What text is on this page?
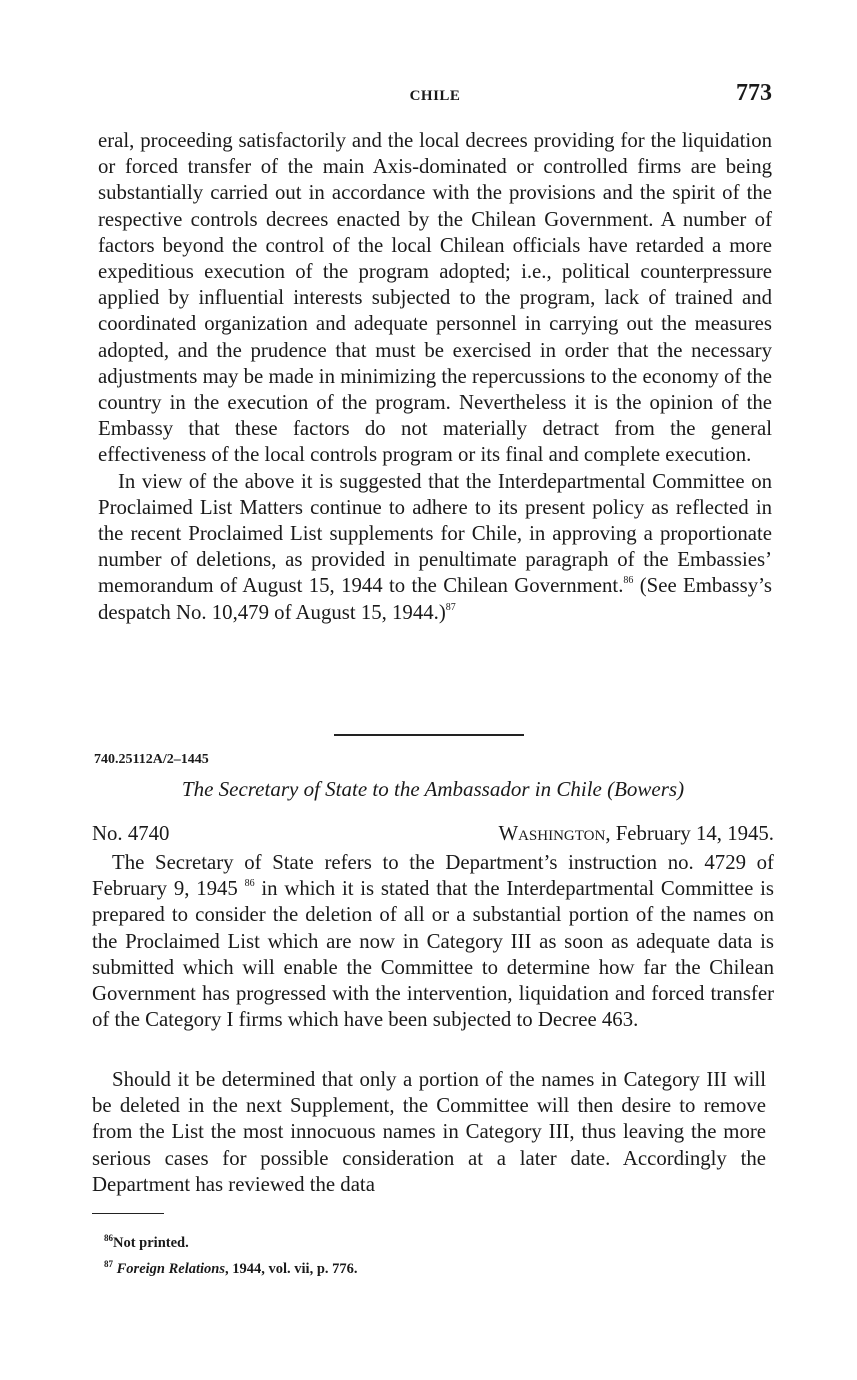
CHILE	773

eral, proceeding satisfactorily and the local decrees providing for the liquidation or forced transfer of the main Axis-dominated or controlled firms are being substantially carried out in accordance with the provisions and the spirit of the respective controls decrees enacted by the Chilean Government. A number of factors beyond the control of the local Chilean officials have retarded a more expeditious execution of the program adopted; i.e., political counterpressure applied by influential interests subjected to the program, lack of trained and coordinated organization and adequate personnel in carrying out the measures adopted, and the prudence that must be exercised in order that the necessary adjustments may be made in minimizing the repercussions to the economy of the country in the execution of the program. Nevertheless it is the opinion of the Embassy that these factors do not materially detract from the general effectiveness of the local controls program or its final and complete execution.

In view of the above it is suggested that the Interdepartmental Committee on Proclaimed List Matters continue to adhere to its present policy as reflected in the recent Proclaimed List supplements for Chile, in approving a proportionate number of deletions, as provided in penultimate paragraph of the Embassies’ memorandum of August 15, 1944 to the Chilean Government.$^{86}$ (See Embassy’s despatch No. 10,479 of August 15, 1944.)$^{87}$

740.25112A/2–1445
The Secretary of State to the Ambassador in Chile (Bowers)
No. 4740	Washington, February 14, 1945.

The Secretary of State refers to the Department’s instruction no. 4729 of February 9, 1945 $^{86}$ in which it is stated that the Interdepartmental Committee is prepared to consider the deletion of all or a substantial portion of the names on the Proclaimed List which are now in Category III as soon as adequate data is submitted which will enable the Committee to determine how far the Chilean Government has progressed with the intervention, liquidation and forced transfer of the Category I firms which have been subjected to Decree 463.

Should it be determined that only a portion of the names in Category III will be deleted in the next Supplement, the Committee will then desire to remove from the List the most innocuous names in Category III, thus leaving the more serious cases for possible consideration at a later date. Accordingly the Department has reviewed the data

$^{86}$Not printed.
$^{87}$ Foreign Relations, 1944, vol. vii, p. 776.
